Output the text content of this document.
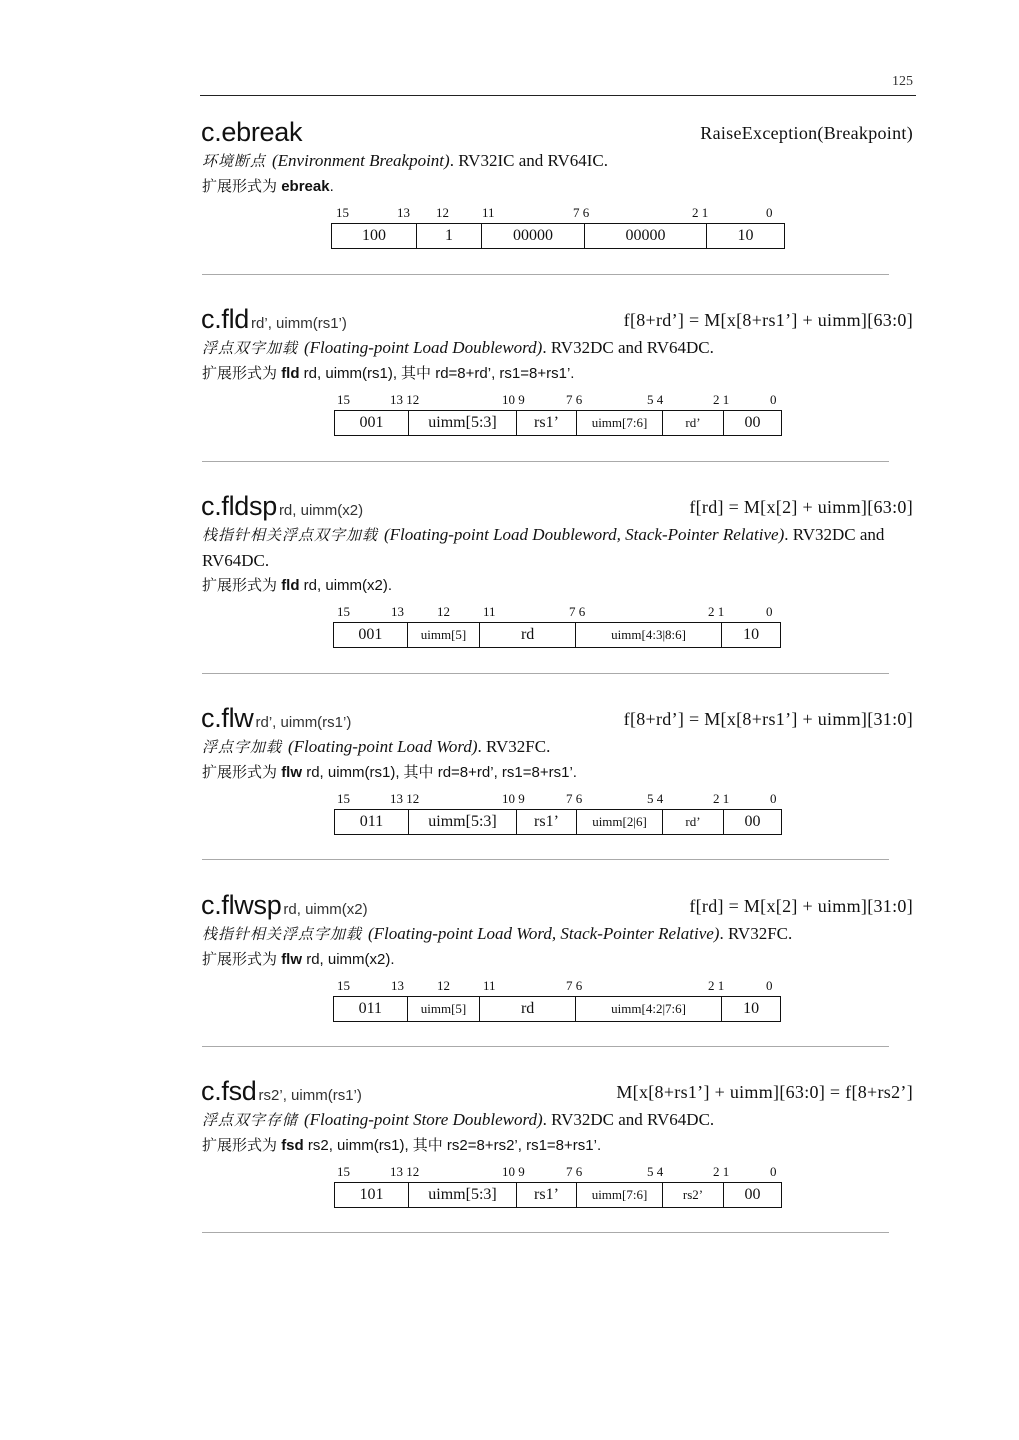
125
c.ebreak	RaiseException(Breakpoint)

环境断点 (Environment Breakpoint). RV32IC and RV64IC.

扩展形式为 ebreak.

15	13 12	11	7 6	2 1	0
100	1	00000	00000	10
c.fld rd’, uimm(rs1’)	f[8+rd’] = M[x[8+rs1’] + uimm][63:0]

浮点双字加载 (Floating-point Load Doubleword). RV32DC and RV64DC.

扩展形式为 fld rd, uimm(rs1), 其中 rd=8+rd’, rs1=8+rs1’.

15	13 12	10 9	7 6	5 4	2 1	0
001	uimm[5:3]	rs1’	uimm[7:6]	rd’	00
c.fldsp rd, uimm(x2)	f[rd] = M[x[2] + uimm][63:0]

栈指针相关浮点双字加载 (Floating-point Load Doubleword, Stack-Pointer Relative). RV32DC and RV64DC.

扩展形式为 fld rd, uimm(x2).

15	13	12	11	7 6	2 1	0
001	uimm[5]	rd	uimm[4:3|8:6]	10
c.flw rd’, uimm(rs1’)	f[8+rd’] = M[x[8+rs1’] + uimm][31:0]

浮点字加载 (Floating-point Load Word). RV32FC.

扩展形式为 flw rd, uimm(rs1), 其中 rd=8+rd’, rs1=8+rs1’.

15	13 12	10 9	7 6	5 4	2 1	0
011	uimm[5:3]	rs1’	uimm[2|6]	rd’	00
c.flwsp rd, uimm(x2)	f[rd] = M[x[2] + uimm][31:0]

栈指针相关浮点字加载 (Floating-point Load Word, Stack-Pointer Relative). RV32FC.

扩展形式为 flw rd, uimm(x2).

15	13	12	11	7 6	2 1	0
011	uimm[5]	rd	uimm[4:2|7:6]	10
c.fsd rs2’, uimm(rs1’)	M[x[8+rs1’] + uimm][63:0] = f[8+rs2’]

浮点双字存储 (Floating-point Store Doubleword). RV32DC and RV64DC.

扩展形式为 fsd rs2, uimm(rs1), 其中 rs2=8+rs2’, rs1=8+rs1’.

15	13 12	10 9	7 6	5 4	2 1	0
101	uimm[5:3]	rs1’	uimm[7:6]	rs2’	00
